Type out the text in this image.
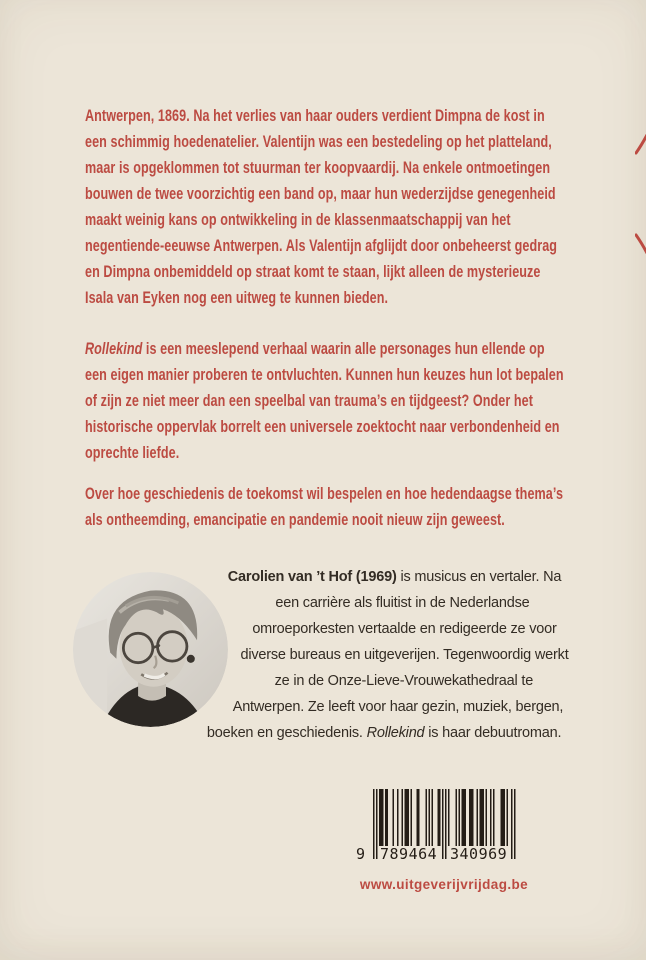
Antwerpen, 1869. Na het verlies van haar ouders verdient Dimpna de kost in een schimmig hoedenatelier. Valentijn was een bestedeling op het platteland, maar is opgeklommen tot stuurman ter koopvaardij. Na enkele ontmoetingen bouwen de twee voorzichtig een band op, maar hun wederzijdse genegenheid maakt weinig kans op ontwikkeling in de klassenmaatschappij van het negentiende-eeuwse Antwerpen. Als Valentijn afglijdt door onbeheerst gedrag en Dimpna onbemiddeld op straat komt te staan, lijkt alleen de mysterieuze Isala van Eyken nog een uitweg te kunnen bieden.

Rollekind is een meeslepend verhaal waarin alle personages hun ellende op een eigen manier proberen te ontvluchten. Kunnen hun keuzes hun lot bepalen of zijn ze niet meer dan een speelbal van trauma’s en tijdgeest? Onder het historische oppervlak borrelt een universele zoektocht naar verbondenheid en oprechte liefde.

Over hoe geschiedenis de toekomst wil bespelen en hoe hedendaagse thema’s als ontheemding, emancipatie en pandemie nooit nieuw zijn geweest.

Carolien van ’t Hof (1969) is musicus en vertaler. Na een carrière als fluitist in de Nederlandse omroeporkesten vertaalde en redigeerde ze voor diverse bureaus en uitgeverijen. Tegenwoordig werkt ze in de Onze-Lieve-Vrouwekathedraal te Antwerpen. Ze leeft voor haar gezin, muziek, bergen, boeken en geschiedenis. Rollekind is haar debuutroman.
9 789464 340969
www.uitgeverijvrijdag.be
